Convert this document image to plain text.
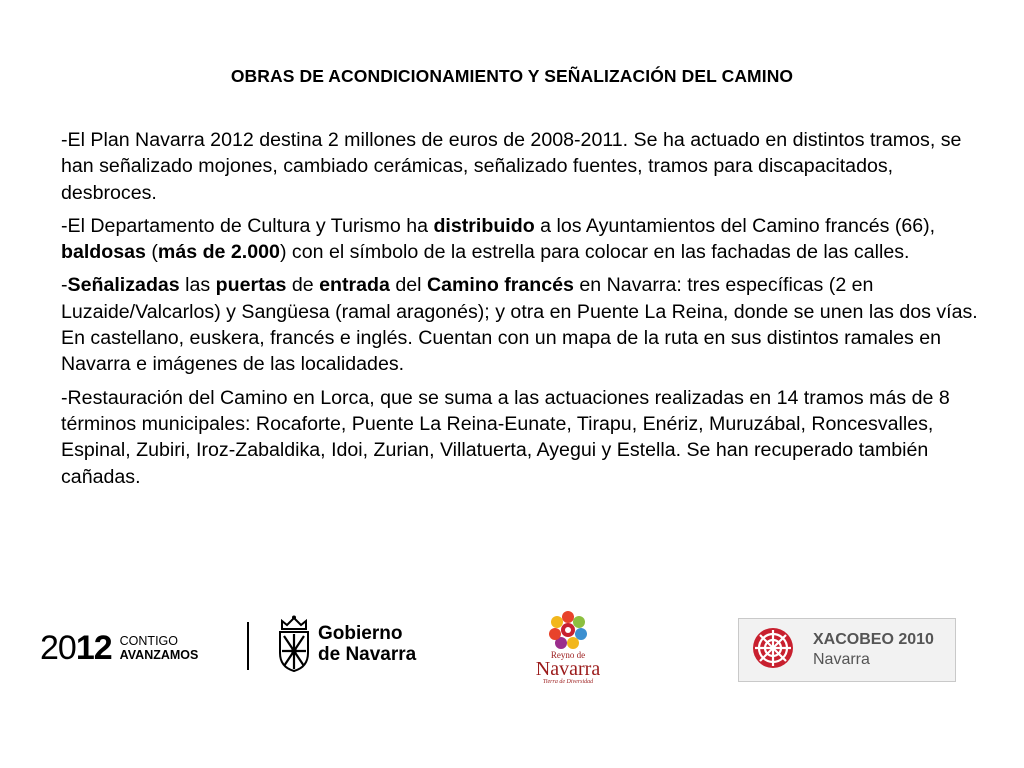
OBRAS DE ACONDICIONAMIENTO Y SEÑALIZACIÓN DEL CAMINO

-El Plan Navarra 2012 destina 2 millones de euros de 2008-2011. Se ha actuado en distintos tramos, se han señalizado mojones, cambiado cerámicas, señalizado fuentes, tramos para discapacitados, desbroces.

-El Departamento de Cultura y Turismo ha distribuido a los Ayuntamientos del Camino francés (66), baldosas (más de 2.000) con el símbolo de la estrella para colocar en las fachadas de las calles.

-Señalizadas las puertas de entrada del Camino francés en Navarra: tres específicas (2 en Luzaide/Valcarlos) y Sangüesa (ramal aragonés); y otra en Puente La Reina, donde se unen las dos vías. En castellano, euskera, francés e inglés. Cuentan con un mapa de la ruta en sus distintos ramales en Navarra e imágenes de las localidades.

-Restauración del Camino en Lorca, que se suma a las actuaciones realizadas en 14 tramos más de 8 términos municipales: Rocaforte, Puente La Reina-Eunate, Tirapu, Enériz, Muruzábal, Roncesvalles, Espinal, Zubiri, Iroz-Zabaldika, Idoi, Zurian, Villatuerta, Ayegui y Estella. Se han recuperado también cañadas.

2012 CONTIGO
AVANZAMOS
Gobierno
de Navarra	Reyno de
Navarra
Tierra de Diversidad
XACOBEO 2010
Navarra
